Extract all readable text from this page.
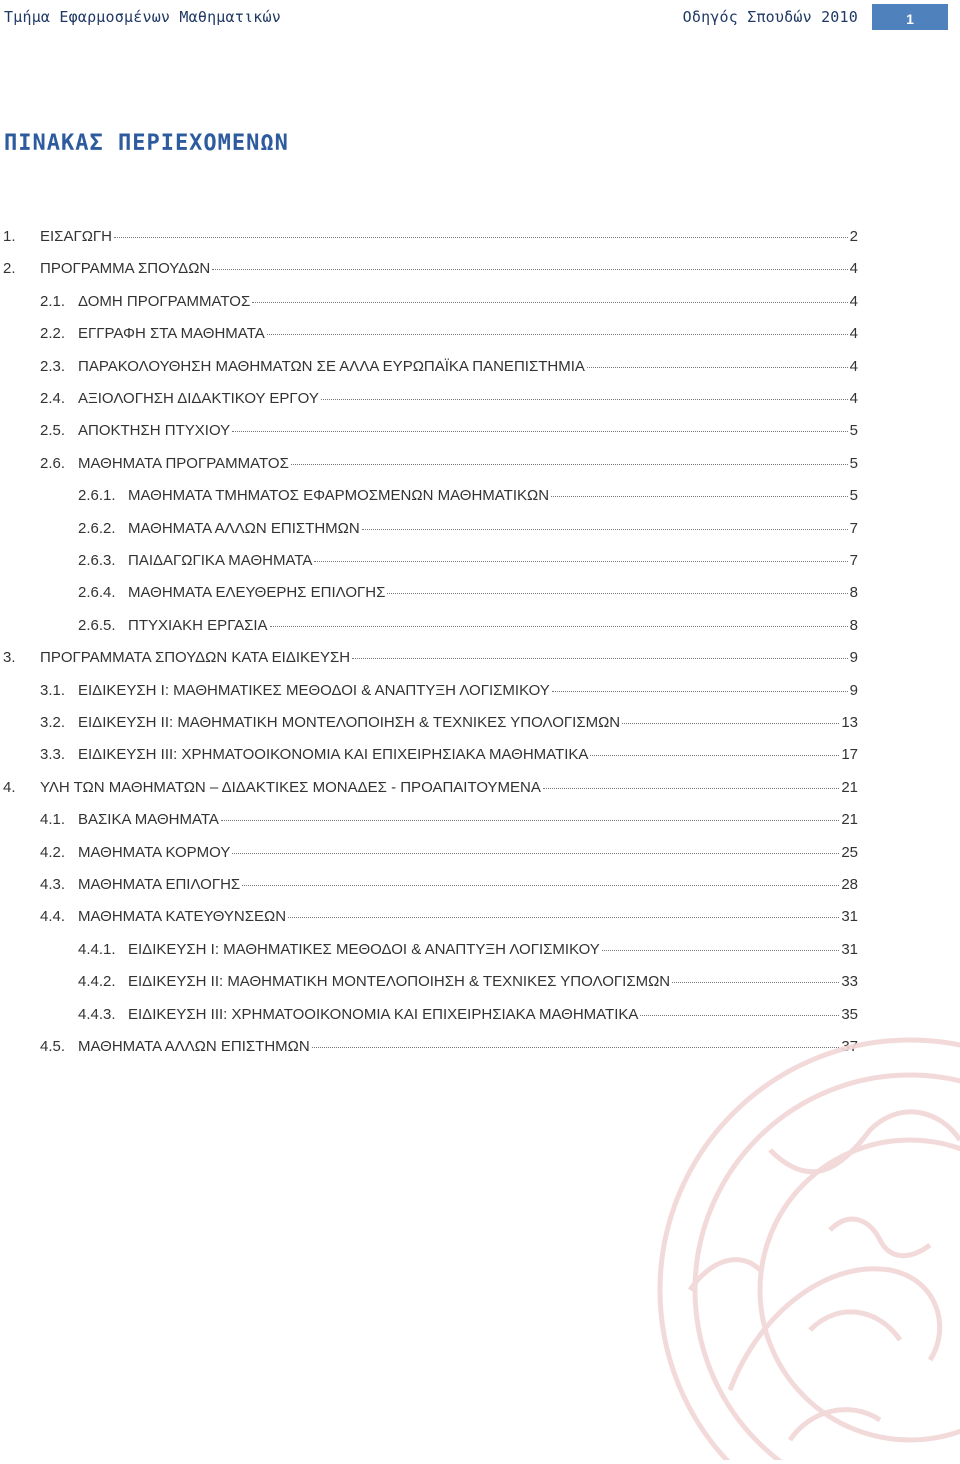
Τμήμα Εφαρμοσμένων Μαθηματικών	Οδηγός Σπουδών 2010	1
ΠΙΝΑΚΑΣ ΠΕΡΙΕΧΟΜΕΝΩΝ
1.	ΕΙΣΑΓΩΓΗ	2
2.	ΠΡΟΓΡΑΜΜΑ ΣΠΟΥΔΩΝ	4
2.1. ΔΟΜΗ ΠΡΟΓΡΑΜΜΑΤΟΣ	4
2.2. ΕΓΓΡΑΦΗ ΣΤΑ ΜΑΘΗΜΑΤΑ	4
2.3. ΠΑΡΑΚΟΛΟΥΘΗΣΗ ΜΑΘΗΜΑΤΩΝ ΣΕ ΑΛΛΑ ΕΥΡΩΠΑΪΚΑ ΠΑΝΕΠΙΣΤΗΜΙΑ	4
2.4. ΑΞΙΟΛΟΓΗΣΗ ΔΙΔΑΚΤΙΚΟΥ ΕΡΓΟΥ	4
2.5. ΑΠΟΚΤΗΣΗ ΠΤΥΧΙΟΥ	5
2.6. ΜΑΘΗΜΑΤΑ ΠΡΟΓΡΑΜΜΑΤΟΣ	5
2.6.1. ΜΑΘΗΜΑΤΑ ΤΜΗΜΑΤΟΣ ΕΦΑΡΜΟΣΜΕΝΩΝ ΜΑΘΗΜΑΤΙΚΩΝ	5
2.6.2. ΜΑΘΗΜΑΤΑ ΑΛΛΩΝ ΕΠΙΣΤΗΜΩΝ	7
2.6.3. ΠΑΙΔΑΓΩΓΙΚΑ ΜΑΘΗΜΑΤΑ	7
2.6.4. ΜΑΘΗΜΑΤΑ ΕΛΕΥΘΕΡΗΣ ΕΠΙΛΟΓΗΣ	8
2.6.5. ΠΤΥΧΙΑΚΗ ΕΡΓΑΣΙΑ	8
3.	ΠΡΟΓΡΑΜΜΑΤΑ ΣΠΟΥΔΩΝ ΚΑΤΑ ΕΙΔΙΚΕΥΣΗ	9
3.1. ΕΙΔΙΚΕΥΣΗ Ι: ΜΑΘΗΜΑΤΙΚΕΣ ΜΕΘΟΔΟΙ & ΑΝΑΠΤΥΞΗ ΛΟΓΙΣΜΙΚΟΥ	9
3.2. ΕΙΔΙΚΕΥΣΗ ΙΙ: ΜΑΘΗΜΑΤΙΚΗ ΜΟΝΤΕΛΟΠΟΙΗΣΗ & ΤΕΧΝΙΚΕΣ ΥΠΟΛΟΓΙΣΜΩΝ	13
3.3. ΕΙΔΙΚΕΥΣΗ ΙΙΙ: ΧΡΗΜΑΤΟΟΙΚΟΝΟΜΙΑ ΚΑΙ ΕΠΙΧΕΙΡΗΣΙΑΚΑ ΜΑΘΗΜΑΤΙΚΑ	17
4.	ΥΛΗ ΤΩΝ ΜΑΘΗΜΑΤΩΝ – ΔΙΔΑΚΤΙΚΕΣ ΜΟΝΑΔΕΣ - ΠΡΟΑΠΑΙΤΟΥΜΕΝΑ	21
4.1. ΒΑΣΙΚΑ ΜΑΘΗΜΑΤΑ	21
4.2. ΜΑΘΗΜΑΤΑ ΚΟΡΜΟΥ	25
4.3. ΜΑΘΗΜΑΤΑ ΕΠΙΛΟΓΗΣ	28
4.4. ΜΑΘΗΜΑΤΑ ΚΑΤΕΥΘΥΝΣΕΩΝ	31
4.4.1. ΕΙΔΙΚΕΥΣΗ Ι: ΜΑΘΗΜΑΤΙΚΕΣ ΜΕΘΟΔΟΙ & ΑΝΑΠΤΥΞΗ ΛΟΓΙΣΜΙΚΟΥ	31
4.4.2. ΕΙΔΙΚΕΥΣΗ ΙΙ: ΜΑΘΗΜΑΤΙΚΗ ΜΟΝΤΕΛΟΠΟΙΗΣΗ & ΤΕΧΝΙΚΕΣ ΥΠΟΛΟΓΙΣΜΩΝ	33
4.4.3. ΕΙΔΙΚΕΥΣΗ ΙΙΙ: ΧΡΗΜΑΤΟΟΙΚΟΝΟΜΙΑ ΚΑΙ ΕΠΙΧΕΙΡΗΣΙΑΚΑ ΜΑΘΗΜΑΤΙΚΑ	35
4.5. ΜΑΘΗΜΑΤΑ ΑΛΛΩΝ ΕΠΙΣΤΗΜΩΝ	37
